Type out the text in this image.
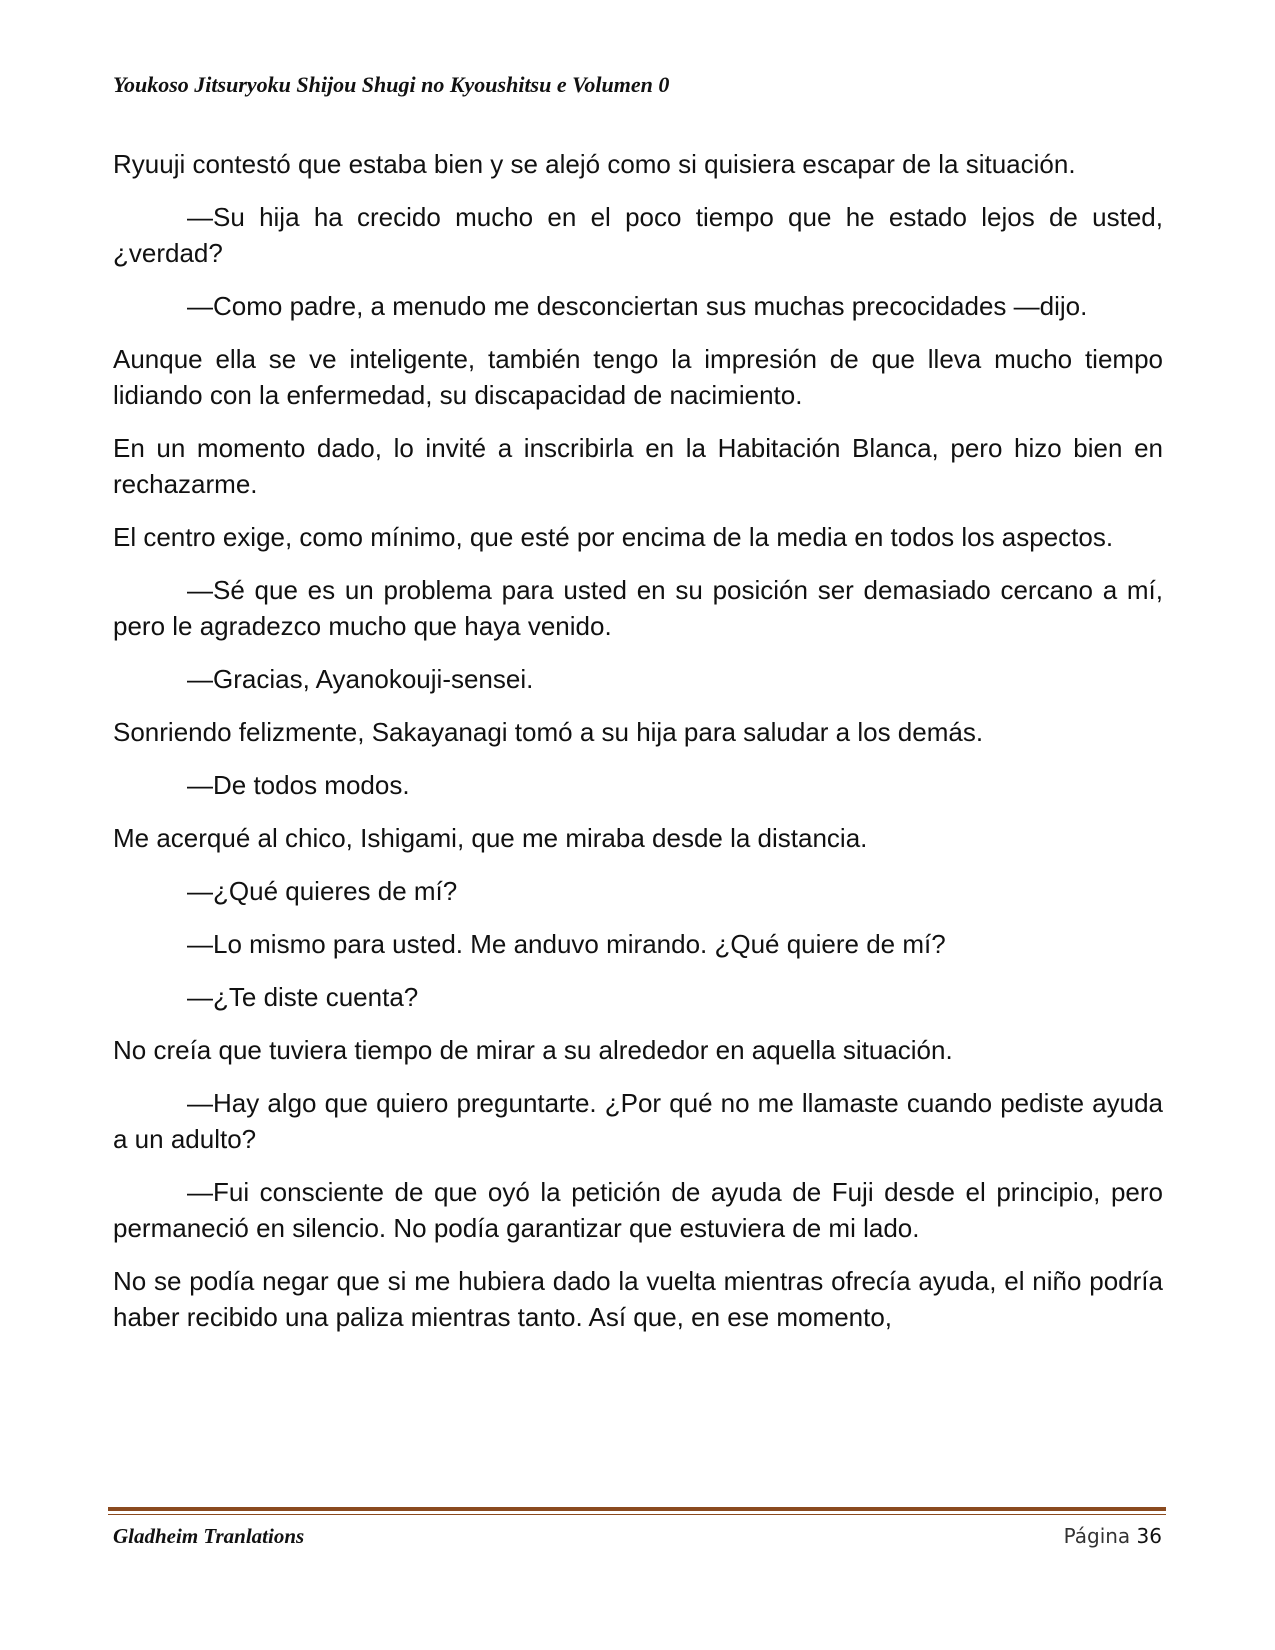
Youkoso Jitsuryoku Shijou Shugi no Kyoushitsu e Volumen 0

Ryuuji contestó que estaba bien y se alejó como si quisiera escapar de la situación.

—Su hija ha crecido mucho en el poco tiempo que he estado lejos de usted, ¿verdad?

—Como padre, a menudo me desconciertan sus muchas precocidades —dijo.

Aunque ella se ve inteligente, también tengo la impresión de que lleva mucho tiempo lidiando con la enfermedad, su discapacidad de nacimiento.

En un momento dado, lo invité a inscribirla en la Habitación Blanca, pero hizo bien en rechazarme.

El centro exige, como mínimo, que esté por encima de la media en todos los aspectos.

—Sé que es un problema para usted en su posición ser demasiado cercano a mí, pero le agradezco mucho que haya venido.

—Gracias, Ayanokouji-sensei.

Sonriendo felizmente, Sakayanagi tomó a su hija para saludar a los demás.

—De todos modos.

Me acerqué al chico, Ishigami, que me miraba desde la distancia.

—¿Qué quieres de mí?

—Lo mismo para usted. Me anduvo mirando. ¿Qué quiere de mí?

—¿Te diste cuenta?

No creía que tuviera tiempo de mirar a su alrededor en aquella situación.

—Hay algo que quiero preguntarte. ¿Por qué no me llamaste cuando pediste ayuda a un adulto?

—Fui consciente de que oyó la petición de ayuda de Fuji desde el principio, pero permaneció en silencio. No podía garantizar que estuviera de mi lado.

No se podía negar que si me hubiera dado la vuelta mientras ofrecía ayuda, el niño podría haber recibido una paliza mientras tanto. Así que, en ese momento,

Gladheim Tranlations	Página 36
